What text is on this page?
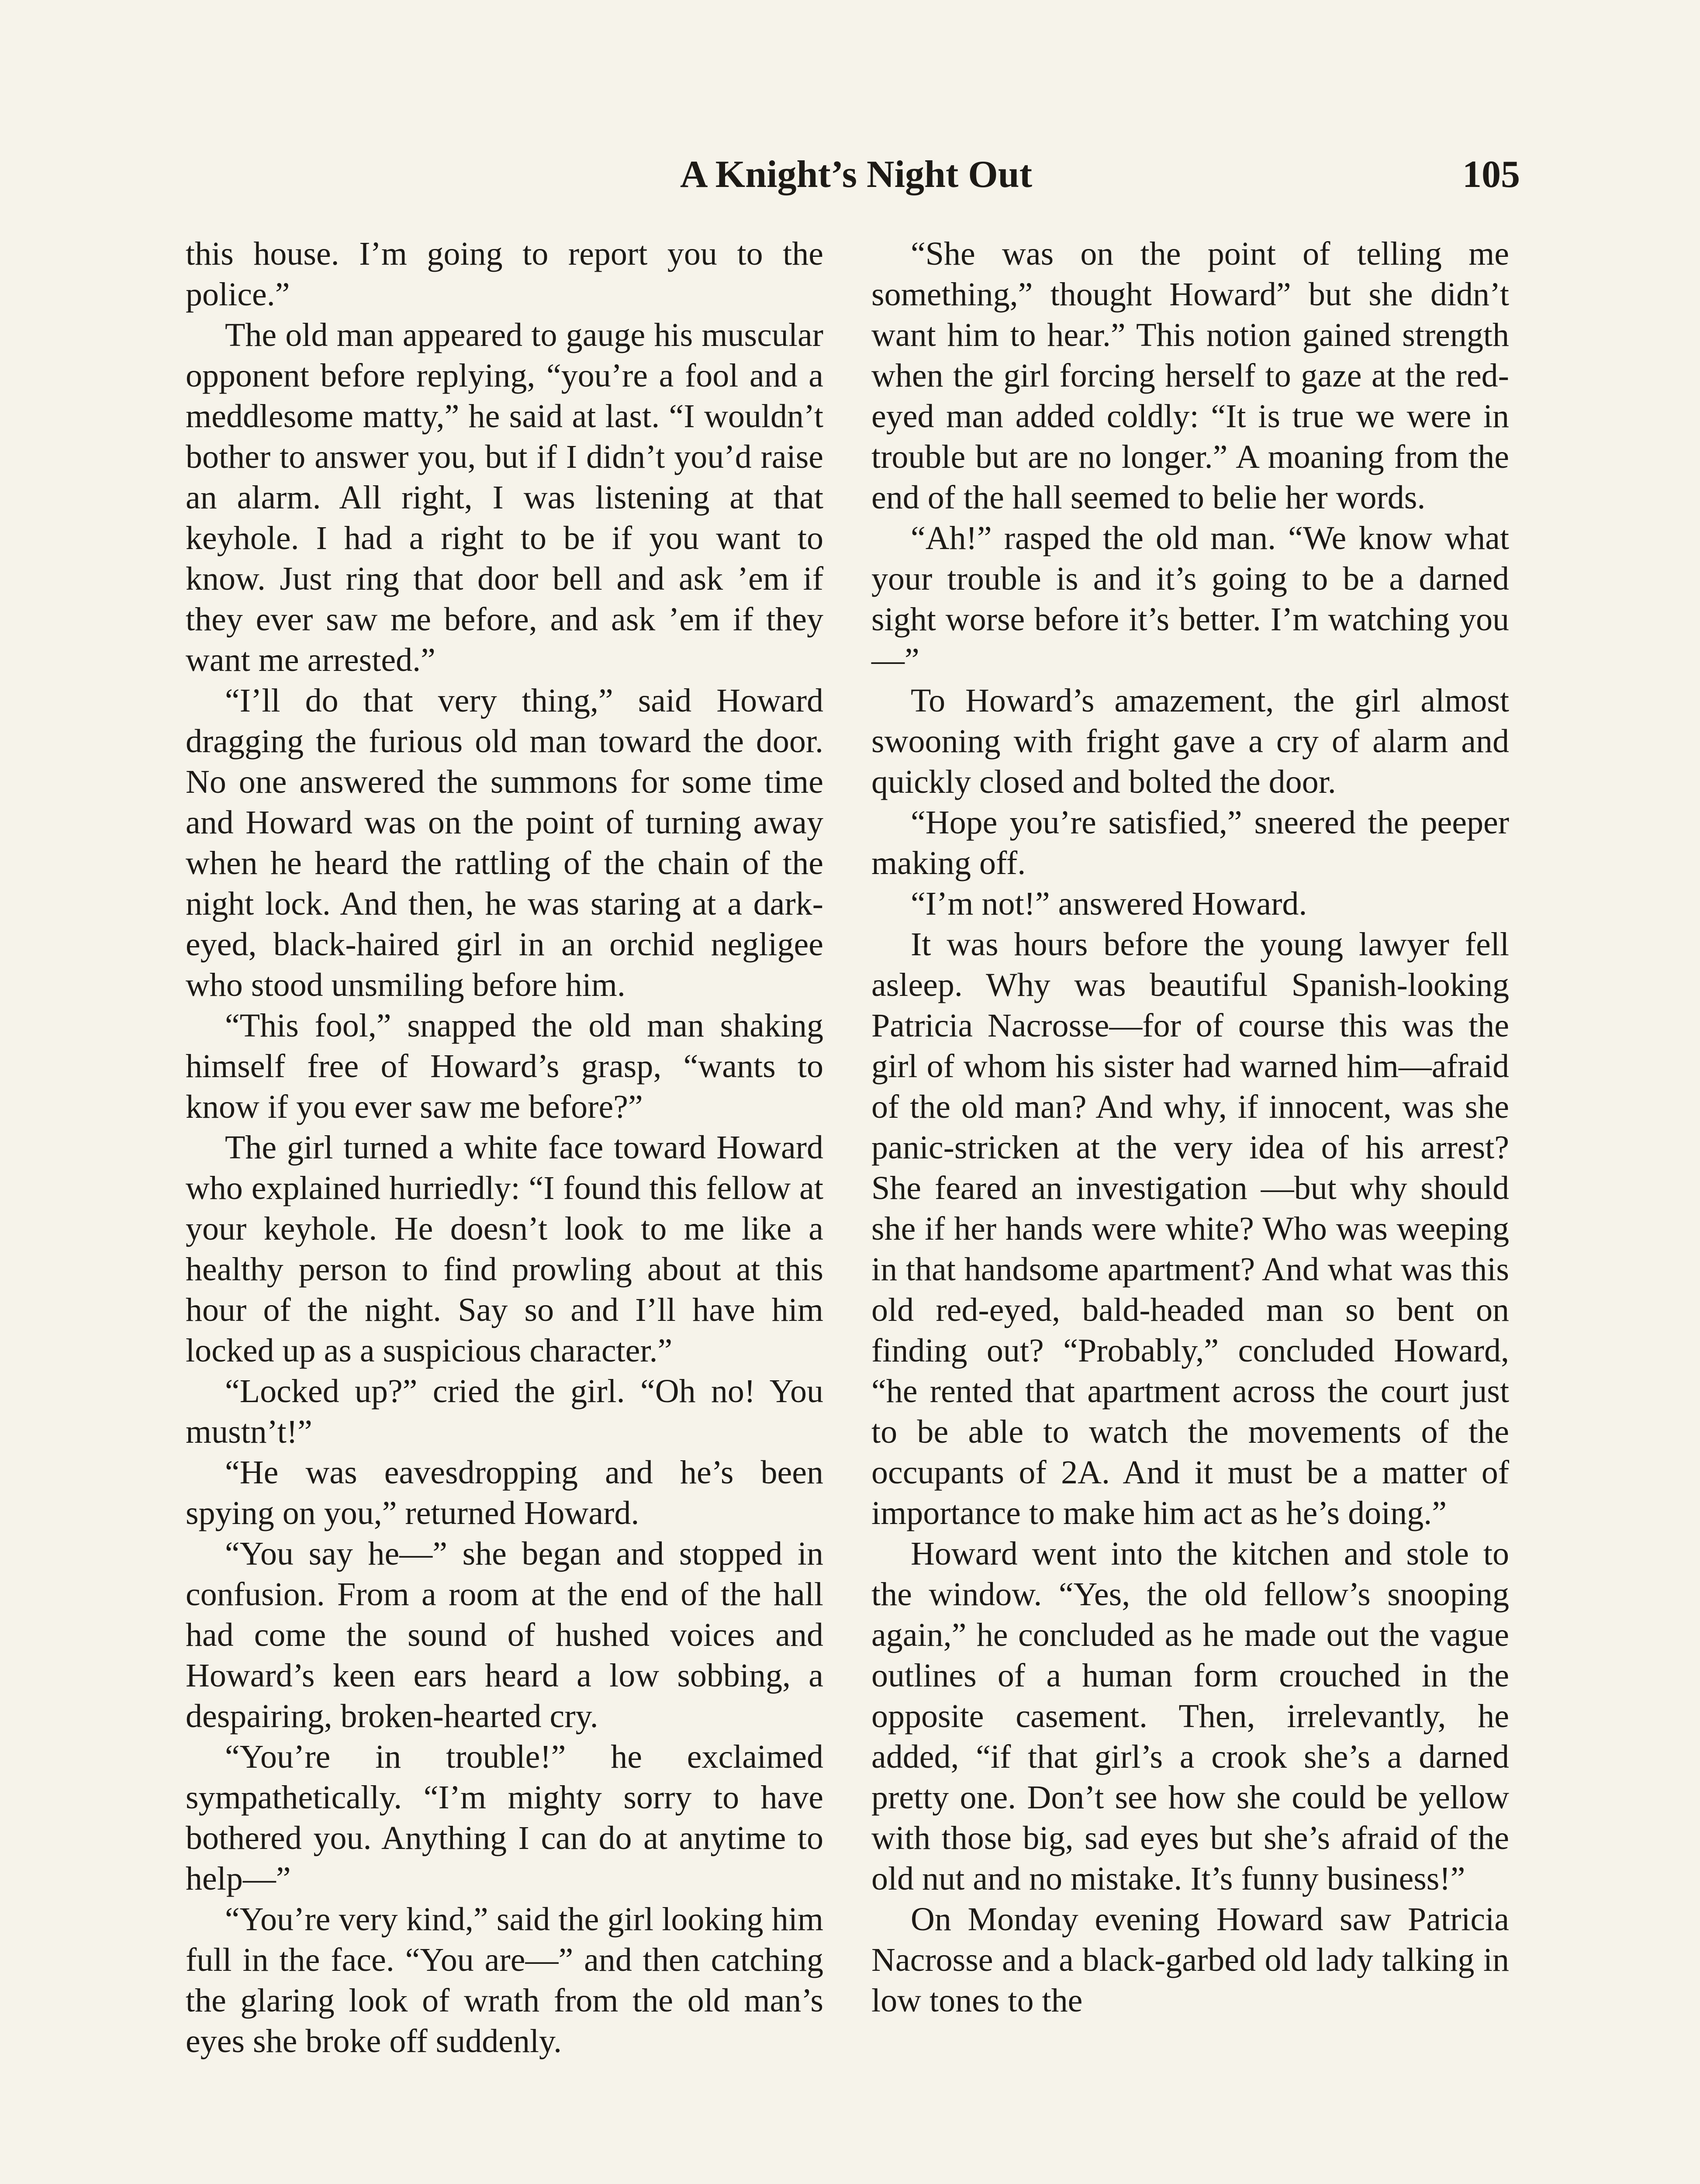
A Knight’s Night Out	105

this house. I’m going to report you to the police.”

The old man appeared to gauge his muscular opponent before replying, “you’re a fool and a meddlesome matty,” he said at last. “I wouldn’t bother to answer you, but if I didn’t you’d raise an alarm. All right, I was listening at that keyhole. I had a right to be if you want to know. Just ring that door bell and ask ’em if they ever saw me before, and ask ’em if they want me arrested.”

“I’ll do that very thing,” said Howard dragging the furious old man toward the door. No one answered the summons for some time and Howard was on the point of turning away when he heard the rattling of the chain of the night lock. And then, he was staring at a dark-eyed, black-haired girl in an orchid negligee who stood unsmiling before him.

“This fool,” snapped the old man shaking himself free of Howard’s grasp, “wants to know if you ever saw me before?”

The girl turned a white face toward Howard who explained hurriedly: “I found this fellow at your keyhole. He doesn’t look to me like a healthy person to find prowling about at this hour of the night. Say so and I’ll have him locked up as a suspicious character.”

“Locked up?” cried the girl. “Oh no! You mustn’t!”

“He was eavesdropping and he’s been spying on you,” returned Howard.

“You say he—” she began and stopped in confusion. From a room at the end of the hall had come the sound of hushed voices and Howard’s keen ears heard a low sobbing, a despairing, broken-hearted cry.

“You’re in trouble!” he exclaimed sympathetically. “I’m mighty sorry to have bothered you. Anything I can do at anytime to help—”

“You’re very kind,” said the girl looking him full in the face. “You are—” and then catching the glaring look of wrath from the old man’s eyes she broke off suddenly.

“She was on the point of telling me something,” thought Howard” but she didn’t want him to hear.” This notion gained strength when the girl forcing herself to gaze at the red-eyed man added coldly: “It is true we were in trouble but are no longer.” A moaning from the end of the hall seemed to belie her words.

“Ah!” rasped the old man. “We know what your trouble is and it’s going to be a darned sight worse before it’s better. I’m watching you—”

To Howard’s amazement, the girl almost swooning with fright gave a cry of alarm and quickly closed and bolted the door.

“Hope you’re satisfied,” sneered the peeper making off.

“I’m not!” answered Howard.

It was hours before the young lawyer fell asleep. Why was beautiful Spanish-looking Patricia Nacrosse—for of course this was the girl of whom his sister had warned him—afraid of the old man? And why, if innocent, was she panic-stricken at the very idea of his arrest? She feared an investigation —but why should she if her hands were white? Who was weeping in that handsome apartment? And what was this old red-eyed, bald-headed man so bent on finding out? “Probably,” concluded Howard, “he rented that apartment across the court just to be able to watch the movements of the occupants of 2A. And it must be a matter of importance to make him act as he’s doing.”

Howard went into the kitchen and stole to the window. “Yes, the old fellow’s snooping again,” he concluded as he made out the vague outlines of a human form crouched in the opposite casement. Then, irrelevantly, he added, “if that girl’s a crook she’s a darned pretty one. Don’t see how she could be yellow with those big, sad eyes but she’s afraid of the old nut and no mistake. It’s funny business!”

On Monday evening Howard saw Patricia Nacrosse and a black-garbed old lady talking in low tones to the
